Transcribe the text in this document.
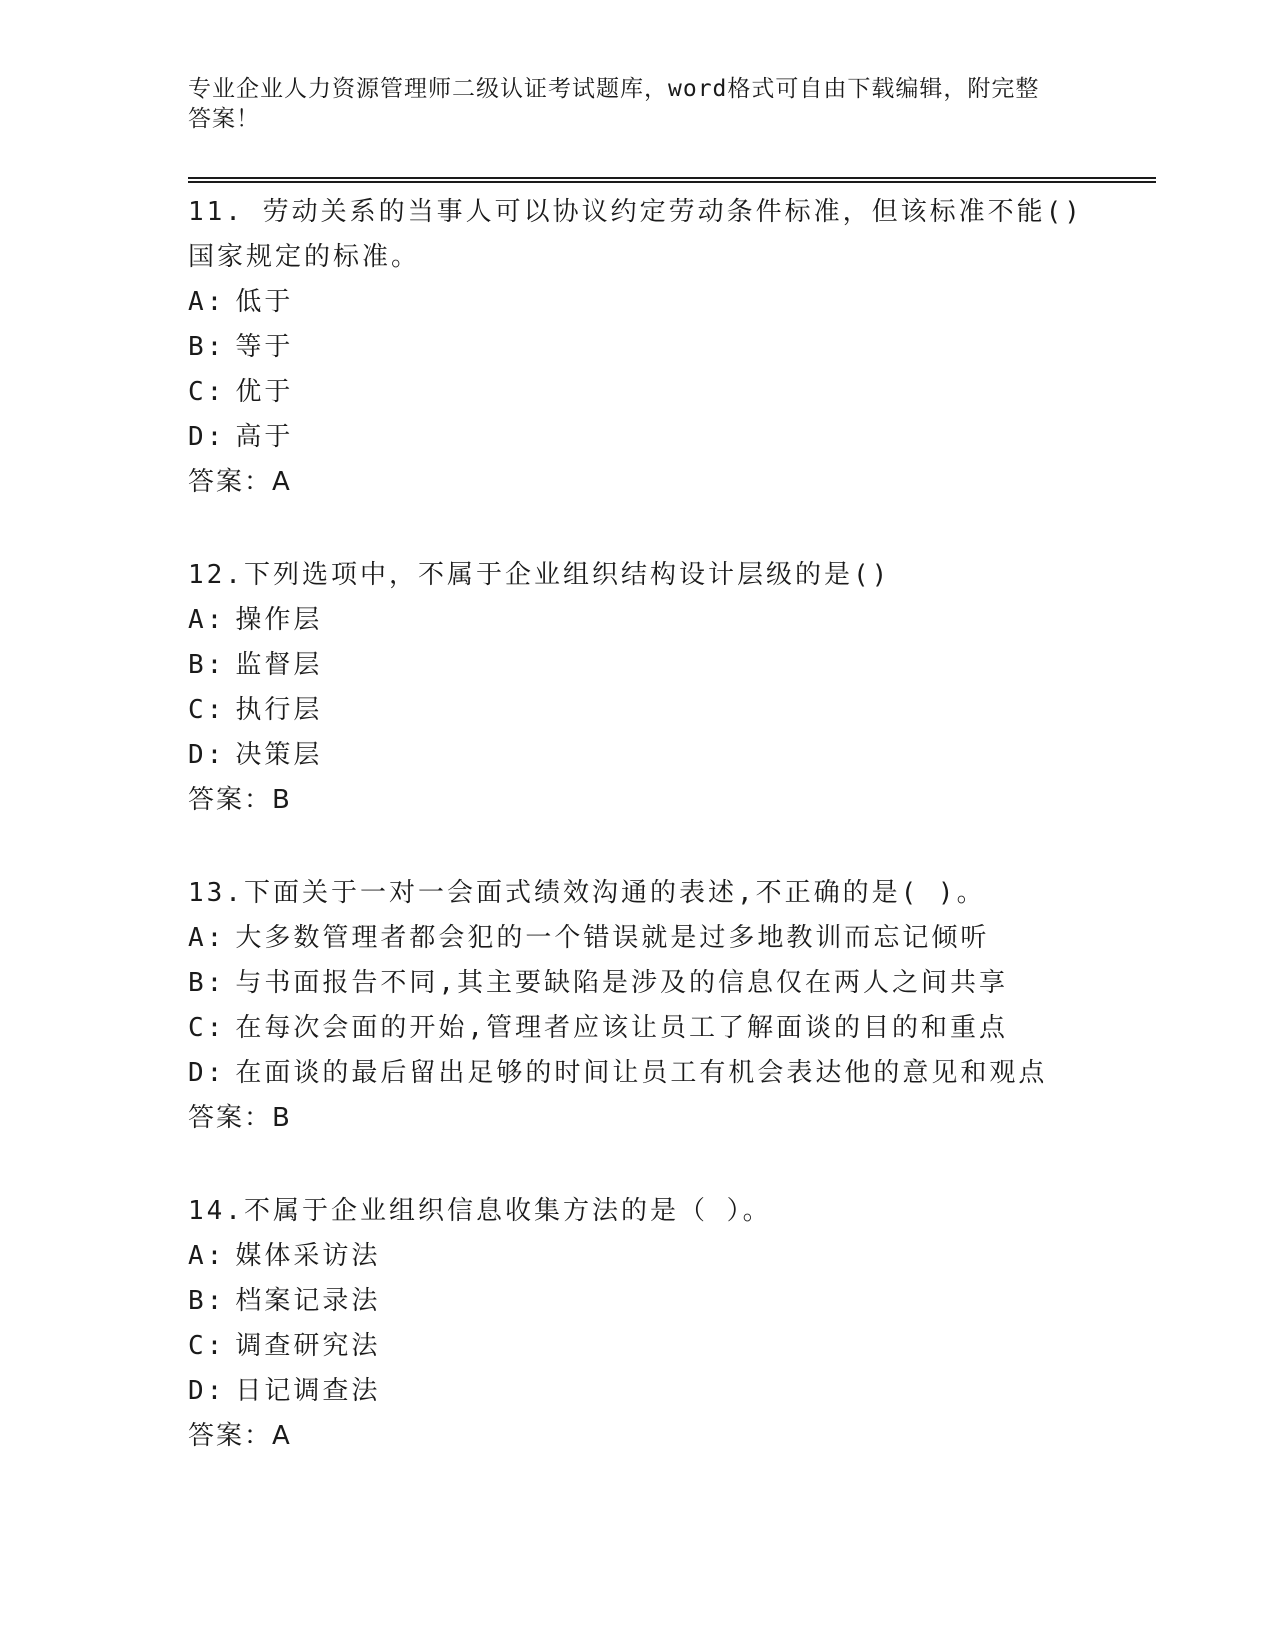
专业企业人力资源管理师二级认证考试题库，word格式可自由下载编辑，附完整
答案！

11. 劳动关系的当事人可以协议约定劳动条件标准，但该标准不能()

国家规定的标准。

A: 低于

B: 等于

C: 优于

D: 高于

答案：A

12.下列选项中，不属于企业组织结构设计层级的是()

A: 操作层

B: 监督层

C: 执行层

D: 决策层

答案：B

13.下面关于一对一会面式绩效沟通的表述,不正确的是( )。

A: 大多数管理者都会犯的一个错误就是过多地教训而忘记倾听

B: 与书面报告不同,其主要缺陷是涉及的信息仅在两人之间共享

C: 在每次会面的开始,管理者应该让员工了解面谈的目的和重点

D: 在面谈的最后留出足够的时间让员工有机会表达他的意见和观点

答案：B

14.不属于企业组织信息收集方法的是（ ）。

A: 媒体采访法

B: 档案记录法

C: 调查研究法

D: 日记调查法

答案：A
